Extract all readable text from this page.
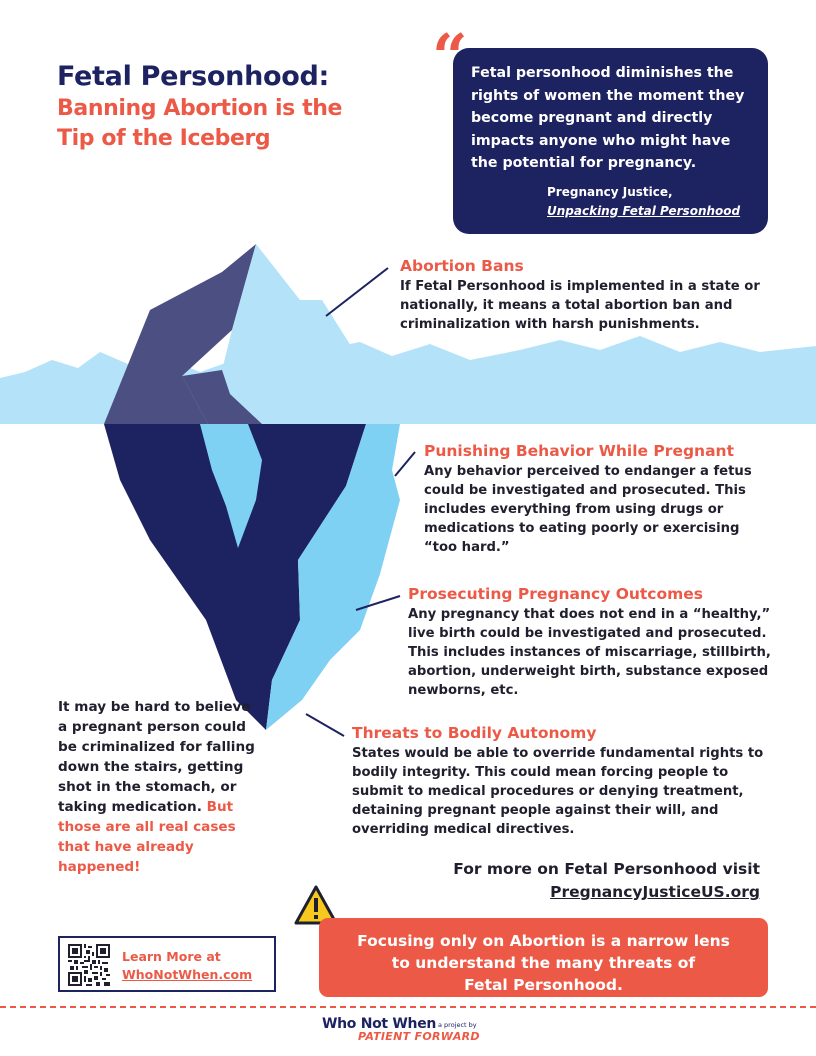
Fetal Personhood:
Banning Abortion is the
Tip of the Iceberg

Fetal personhood diminishes the rights of women the moment they become pregnant and directly impacts anyone who might have the potential for pregnancy.

Pregnancy Justice,
Unpacking Fetal Personhood

“
Abortion Bans

If Fetal Personhood is implemented in a state or nationally, it means a total abortion ban and criminalization with harsh punishments.

Punishing Behavior While Pregnant

Any behavior perceived to endanger a fetus could be investigated and prosecuted. This includes everything from using drugs or medications to eating poorly or exercising “too hard.”

Prosecuting Pregnancy Outcomes

Any pregnancy that does not end in a “healthy,” live birth could be investigated and prosecuted. This includes instances of miscarriage, stillbirth, abortion, underweight birth, substance exposed newborns, etc.

Threats to Bodily Autonomy

States would be able to override fundamental rights to bodily integrity. This could mean forcing people to submit to medical procedures or denying treatment, detaining pregnant people against their will, and overriding medical directives.

It may be hard to believe a pregnant person could be criminalized for falling down the stairs, getting shot in the stomach, or taking medication. But those are all real cases that have already happened!	For more on Fetal Personhood visit
PregnancyJusticeUS.org
Focusing only on Abortion is a narrow lens
to understand the many threats of
Fetal Personhood.
Learn More at
WhoNotWhen.com
Who Not When a project by
PATIENT FORWARD
